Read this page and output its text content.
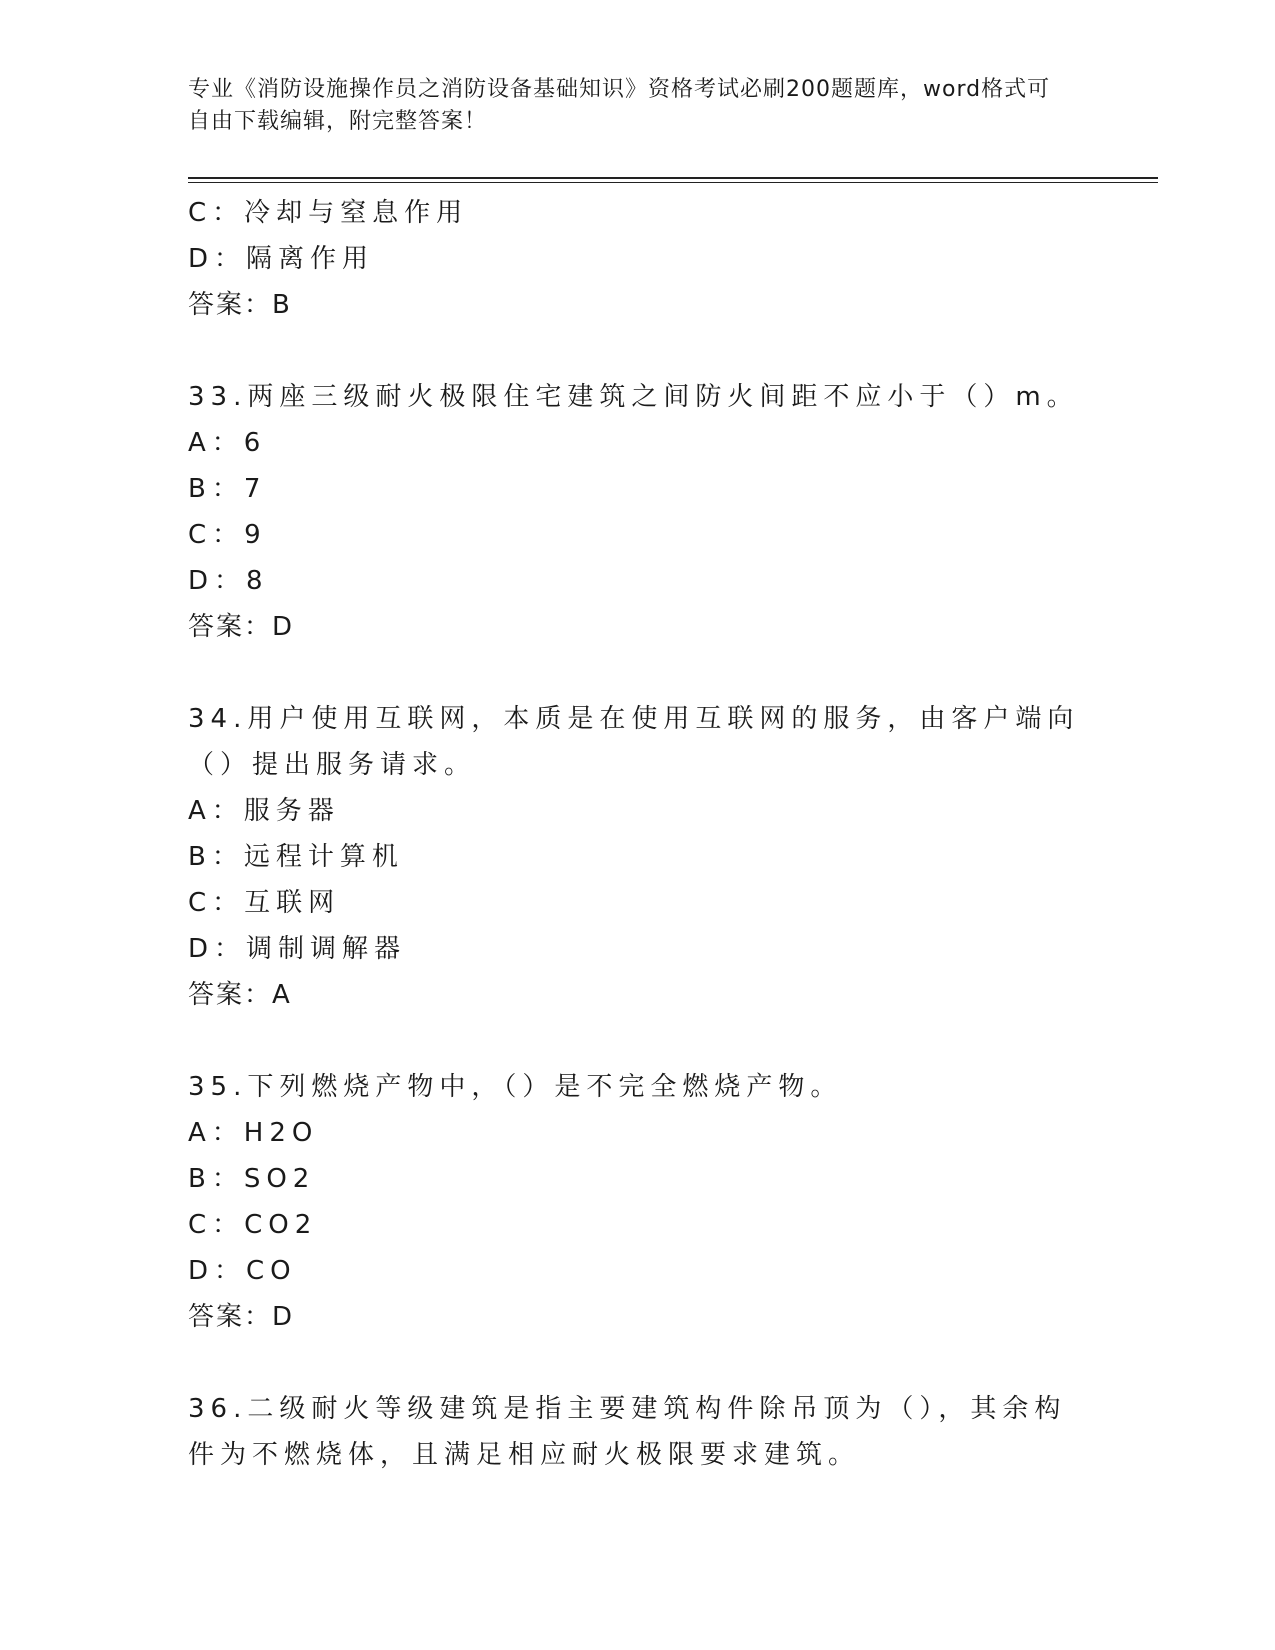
专业《消防设施操作员之消防设备基础知识》资格考试必刷200题题库，word格式可自由下载编辑，附完整答案！
C：冷却与窒息作用
D：隔离作用
答案：B
33.两座三级耐火极限住宅建筑之间防火间距不应小于（）m。
A：6
B：7
C：9
D：8
答案：D
34.用户使用互联网，本质是在使用互联网的服务，由客户端向（）提出服务请求。
A：服务器
B：远程计算机
C：互联网
D：调制调解器
答案：A
35.下列燃烧产物中，（）是不完全燃烧产物。
A：H2O
B：SO2
C：CO2
D：CO
答案：D
36.二级耐火等级建筑是指主要建筑构件除吊顶为（），其余构件为不燃烧体，且满足相应耐火极限要求建筑。
